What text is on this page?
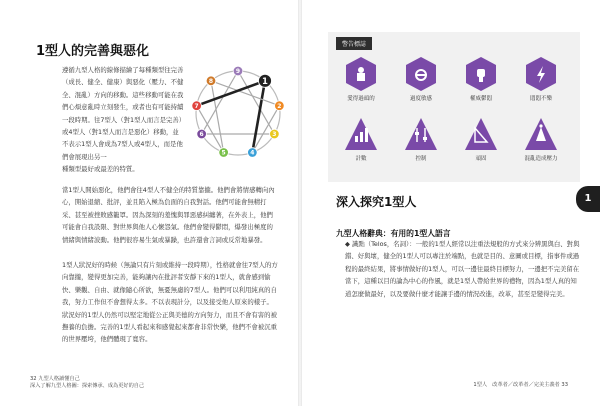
1型人的完善與惡化

遵循九型人格的線條描繪了每種類型往完善（成長、健全、健康）與惡化（壓力、不健全、混亂）方向的移動。這些移動可能在我們心煩意亂時立刻發生，或者也有可能持續一段時期。往7型人（對1型人而言是完善）或4型人（對1型人而言是惡化）移動，並不表示1型人會成為7型人或4型人，而是他們會展現出另一

種類型最好或最差的特質。

當1型人開始惡化，他們會往4型人不健全的特質靠攏。他們會將情感轉向內心，開始退縮、批評，並且陷入極為負面的自我對話。他們可能會無精打采、甚至被挫敗感籠罩。因為深刻的羞愧與罪惡感糾纏著，在外表上，他們可能會自我設限、對世界與他人心懷怨氣。他們會變得鬱悶，爆發出極度的情緒與情緒波動。他們很容易生氣或暴躁，也許還會言詞或反常地暴發。

1型人狀況好的時候（無論只有片刻或維持一段時期），性格就會往7型人的方向靠攏，變得更加完善，能夠讓內在批評者安靜下來的1型人，就會感到愉快、樂觀、自由、就像隨心所欲，無憂無慮的7型人。他們可以利用純真的自我，努力工作但不會想得太多。不以表現計分，以及接受他人原來的樣子。狀況好的1型人仍然可以堅定地從公正與美德的方向努力，而且不會有害的被撫養的負擔。完善的1型人看起來和感覺起來都會非常快樂，他們不會被沉重的世界壓垮，他們體現了寬容。

9
1
2
3
4
5
6
7
8
32 九型人格讀懂自己
深入了解九型人格圖：探索傳承、成為更好的自己
警告標誌
愛得過頭的	過度敏感	權威鬱悶	悶悶不樂
計數	控制	頑固	混亂造成壓力
1
深入探究1型人
九型人格辭典：有用的1型人語言

◆ 識點（Telos，名詞）：一般的1型人經常以注重法規般的方式來分辨黑與白、對與錯、好與壞，健全的1型人可以專注於端點，也就是目的、意圖或目標，指事件或過程的最終結果，將事情做好的1型人，可以一邊往最終目標努力，一邊把不完美留在當下，這種以目的論為中心的作風，就是1型人帶給世界的禮物，因為1型人真的知道怎麼做最好，以及要做什麼才能讓手邊的情況改進，改革，甚至是變得完美。

1型人　改革者／改革者／完美主義者 33
